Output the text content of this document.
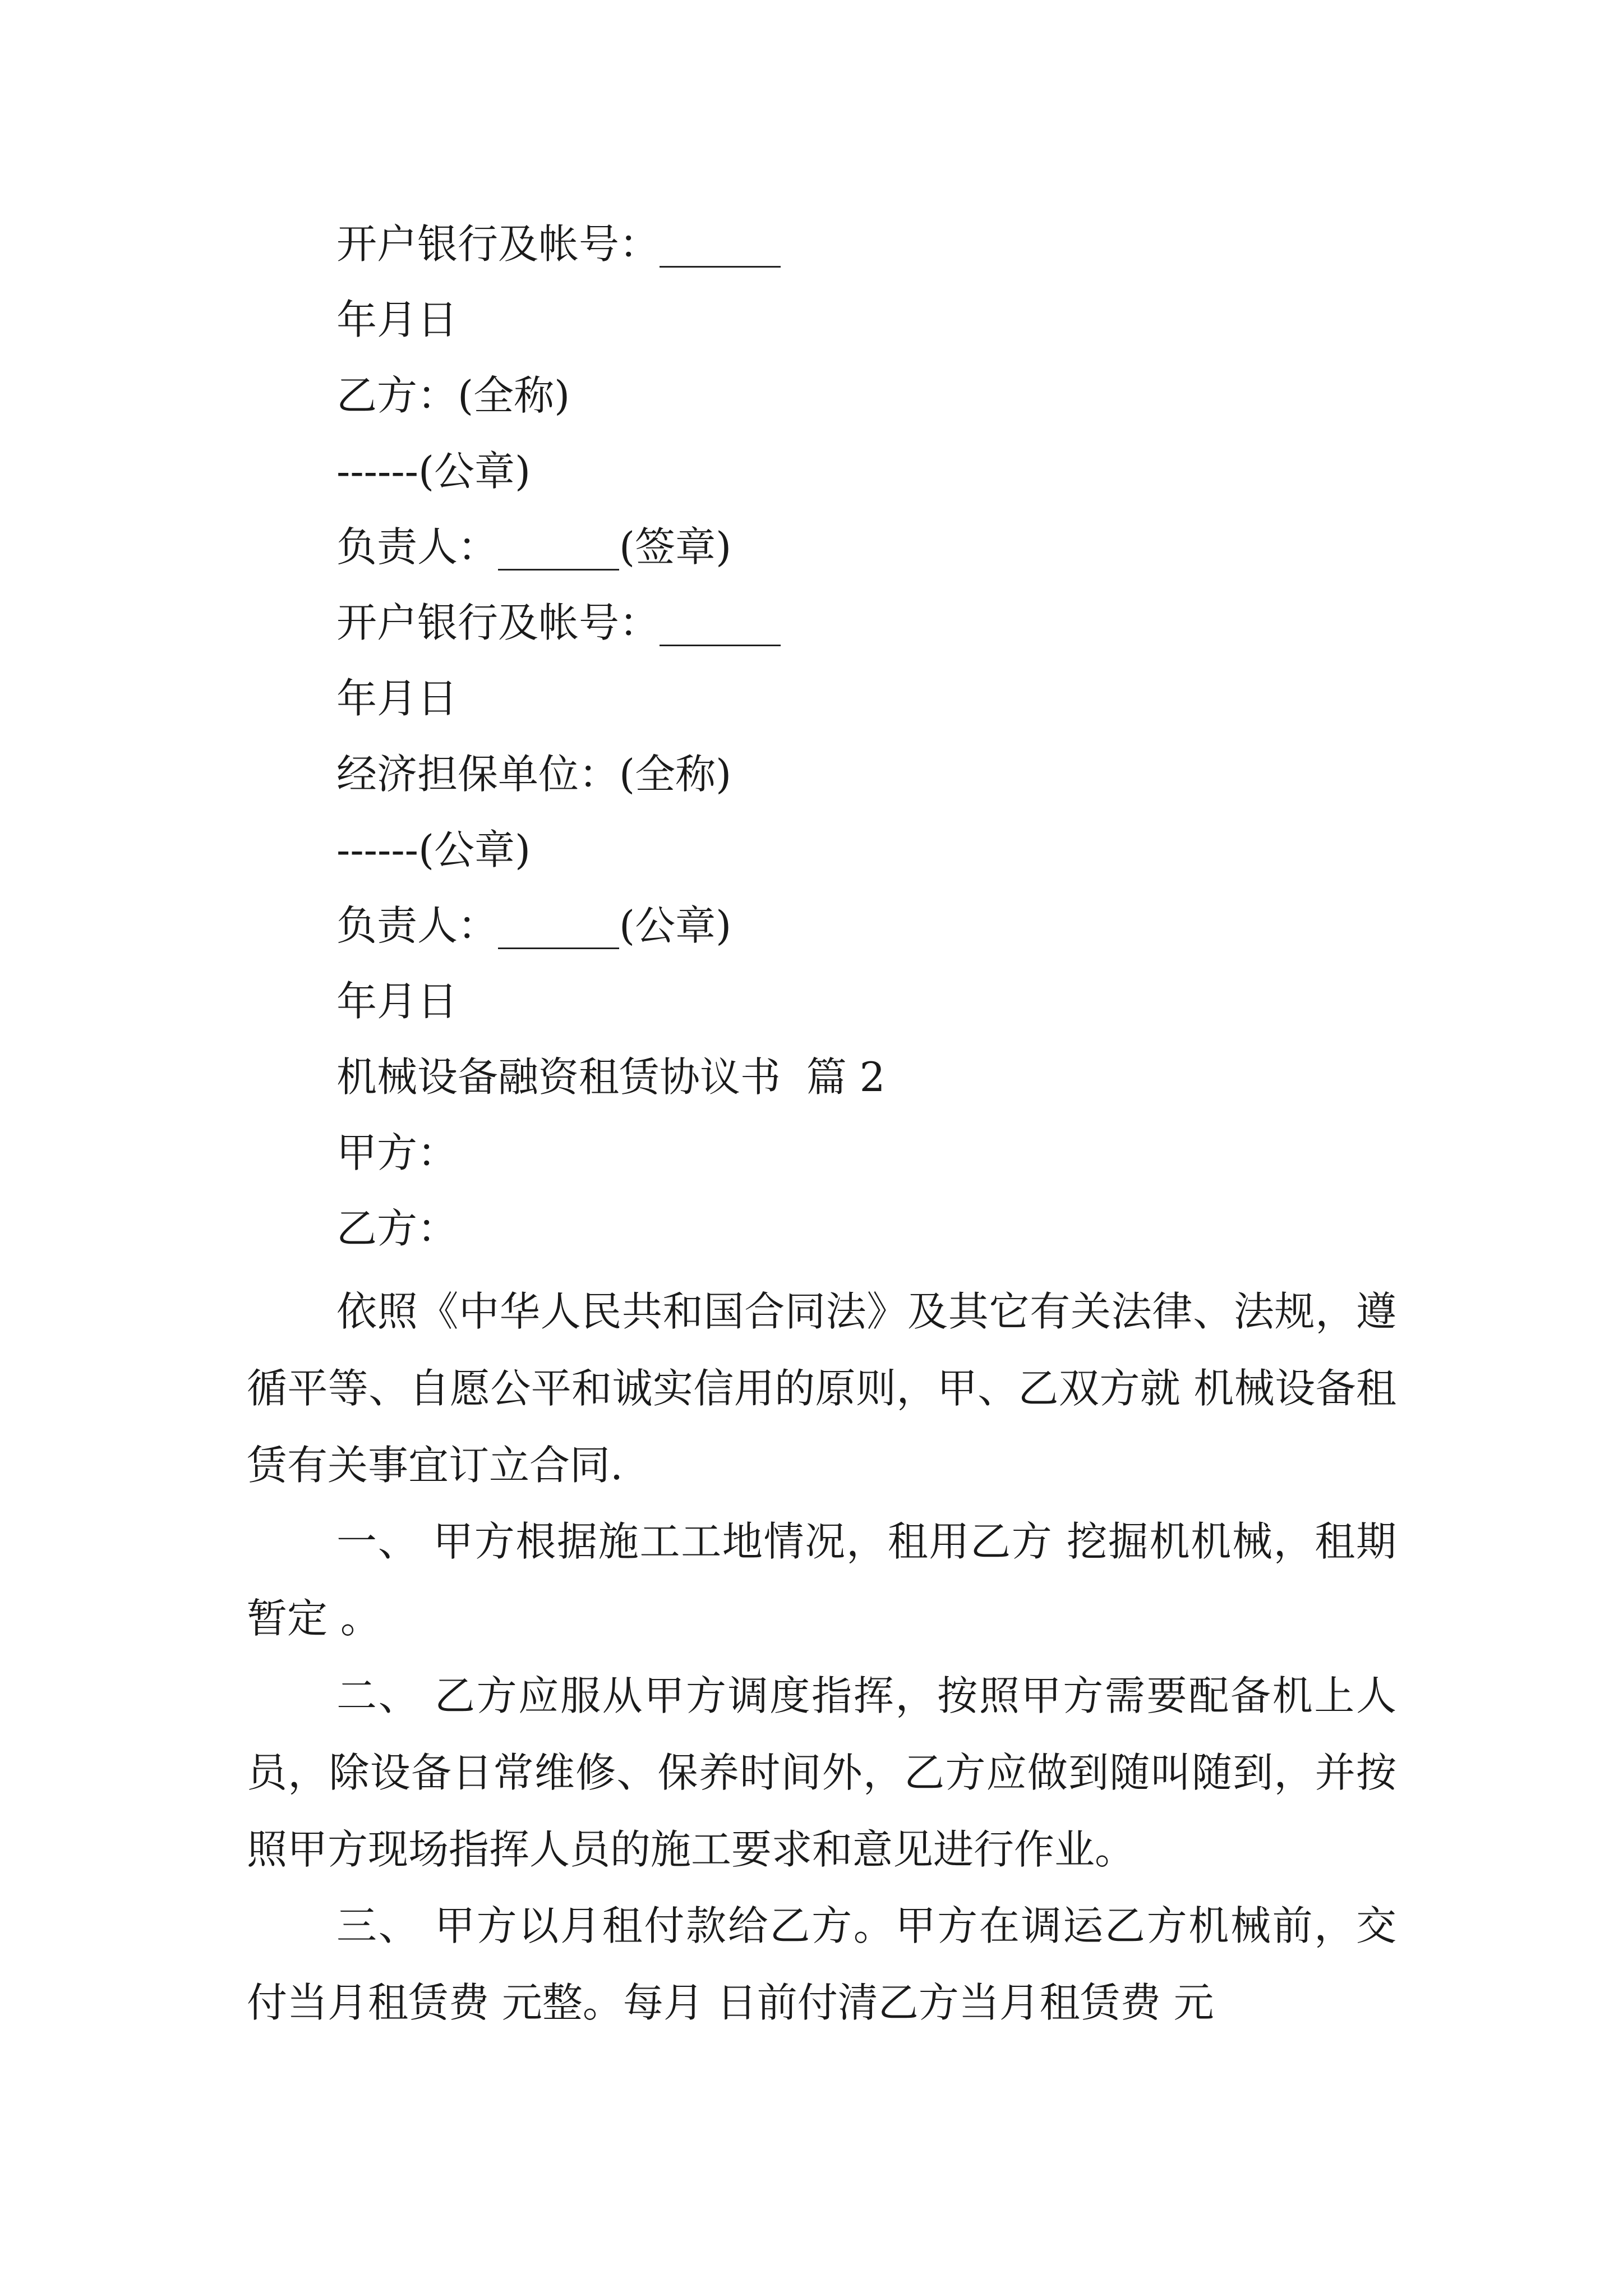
开户银行及帐号：______

年月日

乙方：(全称)

------(公章)

负责人：______(签章)

开户银行及帐号：______

年月日

经济担保单位：(全称)

------(公章)

负责人：______(公章)

年月日

机械设备融资租赁协议书  篇 2

甲方：

乙方：

依照《中华人民共和国合同法》及其它有关法律、法规，遵循平等、自愿公平和诚实信用的原则，甲、乙双方就 机械设备租赁有关事宜订立合同.

一、 甲方根据施工工地情况，租用乙方 挖掘机机械，租期暂定 。

二、 乙方应服从甲方调度指挥，按照甲方需要配备机上人员，除设备日常维修、保养时间外，乙方应做到随叫随到，并按照甲方现场指挥人员的施工要求和意见进行作业。

三、 甲方以月租付款给乙方。甲方在调运乙方机械前，交付当月租赁费 元整。每月 日前付清乙方当月租赁费 元
